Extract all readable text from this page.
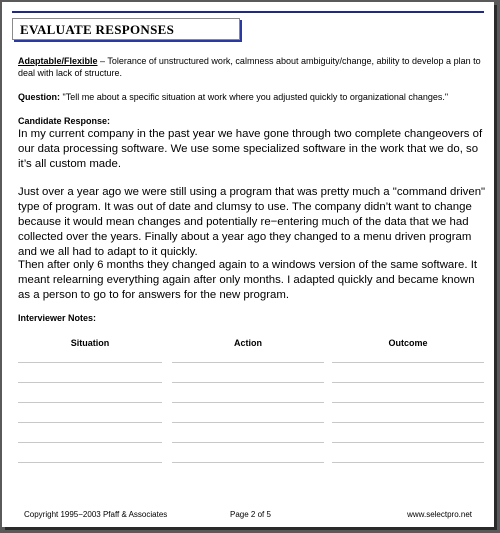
EVALUATE RESPONSES
Adaptable/Flexible – Tolerance of unstructured work, calmness about ambiguity/change, ability to develop a plan to deal with lack of structure.
Question: "Tell me about a specific situation at work where you adjusted quickly to organizational changes."
Candidate Response:
In my current company in the past year we have gone through two complete changeovers of our data processing software. We use some specialized software in the work that we do, so it’s all custom made.
Just over a year ago we were still using a program that was pretty much a "command driven" type of program. It was out of date and clumsy to use. The company didn’t want to change because it would mean changes and potentially re−entering much of the data that we had collected over the years. Finally about a year ago they changed to a menu driven program and we all had to adapt to it quickly.
Then after only 6 months they changed again to a windows version of the same software. It meant relearning everything again after only months. I adapted quickly and became known as a person to go to for answers for the new program.
Interviewer Notes:
Situation	Action	Outcome
Copyright 1995−2003 Pfaff & Associates	Page 2 of 5	www.selectpro.net
